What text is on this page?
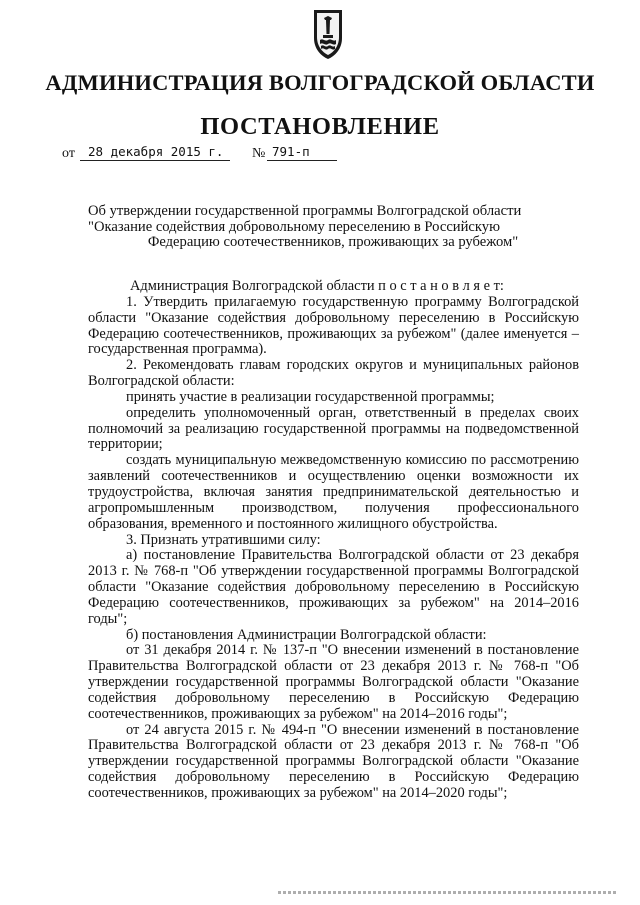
АДМИНИСТРАЦИЯ ВОЛГОГРАДСКОЙ ОБЛАСТИ
ПОСТАНОВЛЕНИЕ
от 28 декабря 2015 г. № 791-п
Об утверждении государственной программы Волгоградской области
"Оказание содействия добровольному переселению в Российскую
Федерацию соотечественников, проживающих за рубежом"

Администрация Волгоградской области п о с т а н о в л я е т:

1. Утвердить прилагаемую государственную программу Волгоградской области "Оказание содействия добровольному переселению в Российскую Федерацию соотечественников, проживающих за рубежом" (далее именуется – государственная программа).

2. Рекомендовать главам городских округов и муниципальных районов Волгоградской области:

принять участие в реализации государственной программы;

определить уполномоченный орган, ответственный в пределах своих полномочий за реализацию государственной программы на подведомственной территории;

создать муниципальную межведомственную комиссию по рассмотрению заявлений соотечественников и осуществлению оценки возможности их трудоустройства, включая занятия предпринимательской деятельностью и агропромышленным производством, получения профессионального образования, временного и постоянного жилищного обустройства.

3. Признать утратившими силу:

а) постановление Правительства Волгоградской области от 23 декабря 2013 г. № 768-п "Об утверждении государственной программы Волгоградской области "Оказание содействия добровольному переселению в Российскую Федерацию соотечественников, проживающих за рубежом" на 2014–2016 годы";

б) постановления Администрации Волгоградской области:

от 31 декабря 2014 г. № 137-п "О внесении изменений в постановление Правительства Волгоградской области от 23 декабря 2013 г. № 768-п "Об утверждении государственной программы Волгоградской области "Оказание содействия добровольному переселению в Российскую Федерацию соотечественников, проживающих за рубежом" на 2014–2016 годы";

от 24 августа 2015 г. № 494-п "О внесении изменений в постановление Правительства Волгоградской области от 23 декабря 2013 г. № 768-п "Об утверждении государственной программы Волгоградской области "Оказание содействия добровольному переселению в Российскую Федерацию соотечественников, проживающих за рубежом" на 2014–2020 годы";
